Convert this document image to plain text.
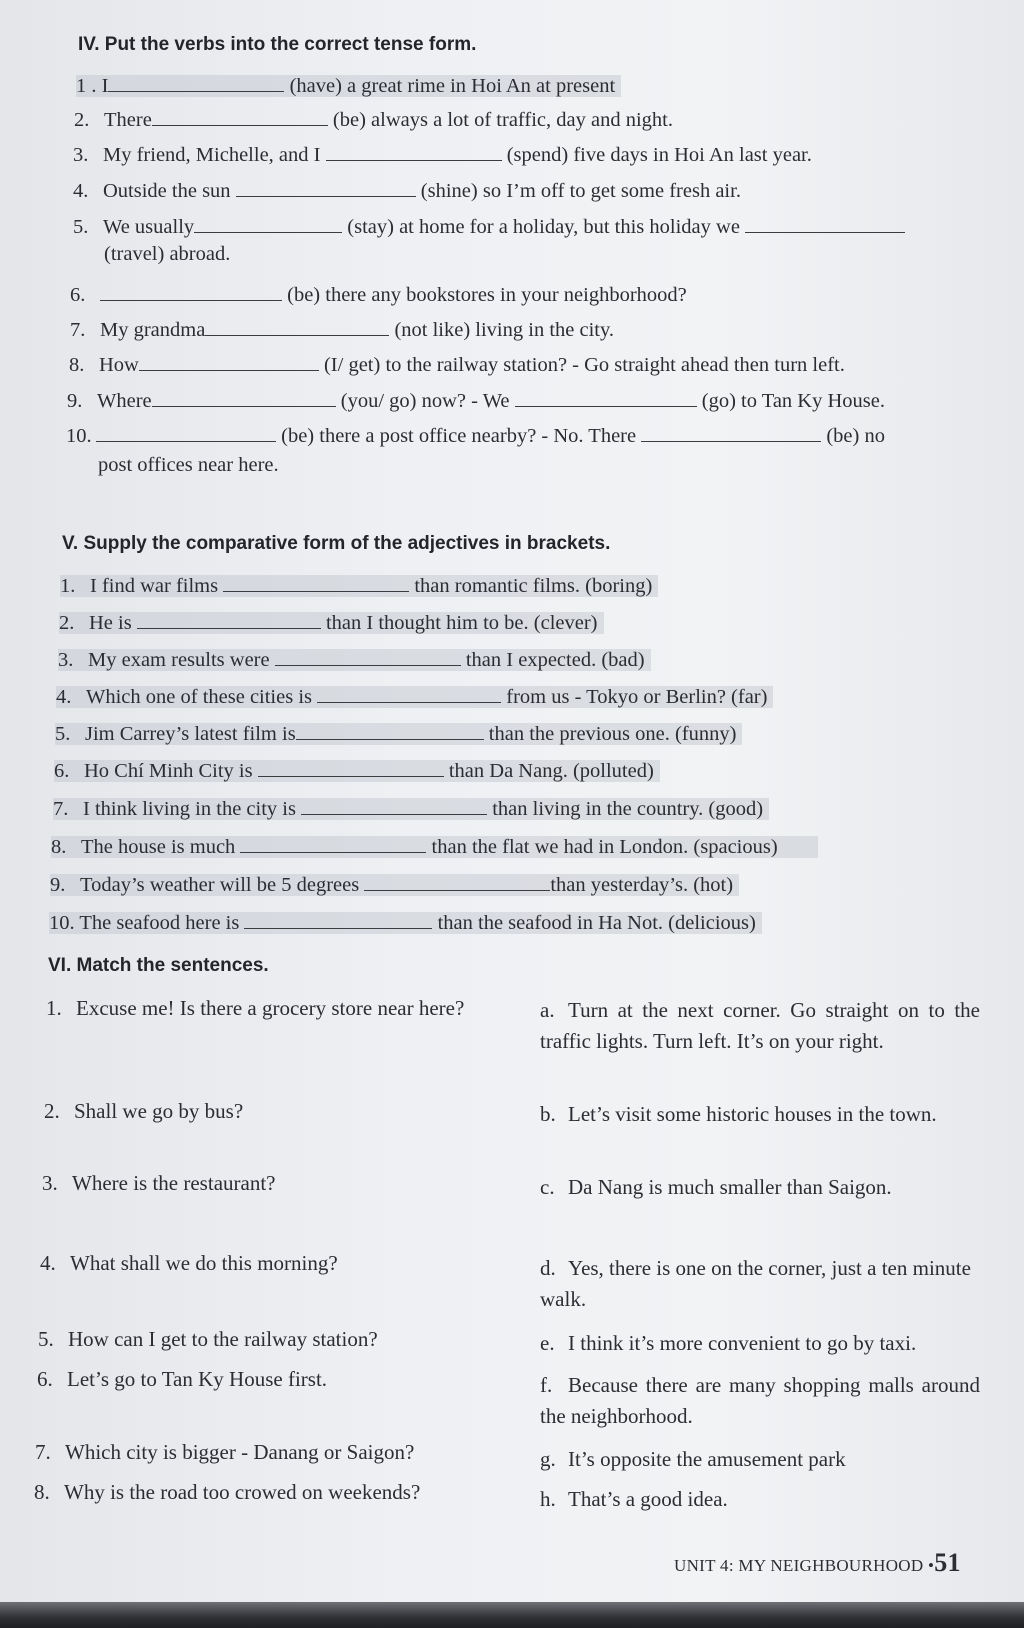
IV. Put the verbs into the correct tense form.
1 . I	(have) a great rime in Hoi An at present
2. There	(be) always a lot of traffic, day and night.
3. My friend, Michelle, and I	(spend) five days in Hoi An last year.
4. Outside the sun	(shine) so I’m off to get some fresh air.
5. We usually	(stay) at home for a holiday, but this holiday we
(travel) abroad.
6.	(be) there any bookstores in your neighborhood?
7. My grandma	(not like) living in the city.
8. How	(I/ get) to the railway station? - Go straight ahead then turn left.
9. Where	(you/ go) now? - We	(go) to Tan Ky House.
10.	(be) there a post office nearby? - No. There	(be) no
post offices near here.
V. Supply the comparative form of the adjectives in brackets.
1. I find war films	than romantic films. (boring)
2. He is	than I thought him to be. (clever)
3. My exam results were	than I expected. (bad)
4. Which one of these cities is	from us - Tokyo or Berlin? (far)
5. Jim Carrey’s latest film is	than the previous one. (funny)
6. Ho Chí Minh City is	than Da Nang. (polluted)
7. I think living in the city is	than living in the country. (good)
8. The house is much	than the flat we had in London. (spacious)
9. Today’s weather will be 5 degrees	than yesterday’s. (hot)
10. The seafood here is	than the seafood in Ha Not. (delicious)
VI. Match the sentences.
1. Excuse me! Is there a grocery store near here?
2. Shall we go by bus?
3. Where is the restaurant?
4. What shall we do this morning?
5. How can I get to the railway station?
6. Let’s go to Tan Ky House first.
7. Which city is bigger - Danang or Saigon?
8. Why is the road too crowed on weekends?
a. Turn at the next corner. Go straight on to the traffic lights. Turn left. It’s on your right.
b. Let’s visit some historic houses in the town.
c. Da Nang is much smaller than Saigon.
d. Yes, there is one on the corner, just a ten minute walk.
e. I think it’s more convenient to go by taxi.
f. Because there are many shopping malls around the neighborhood.
g. It’s opposite the amusement park
h. That’s a good idea.
UNIT 4: MY NEIGHBOURHOOD •51
